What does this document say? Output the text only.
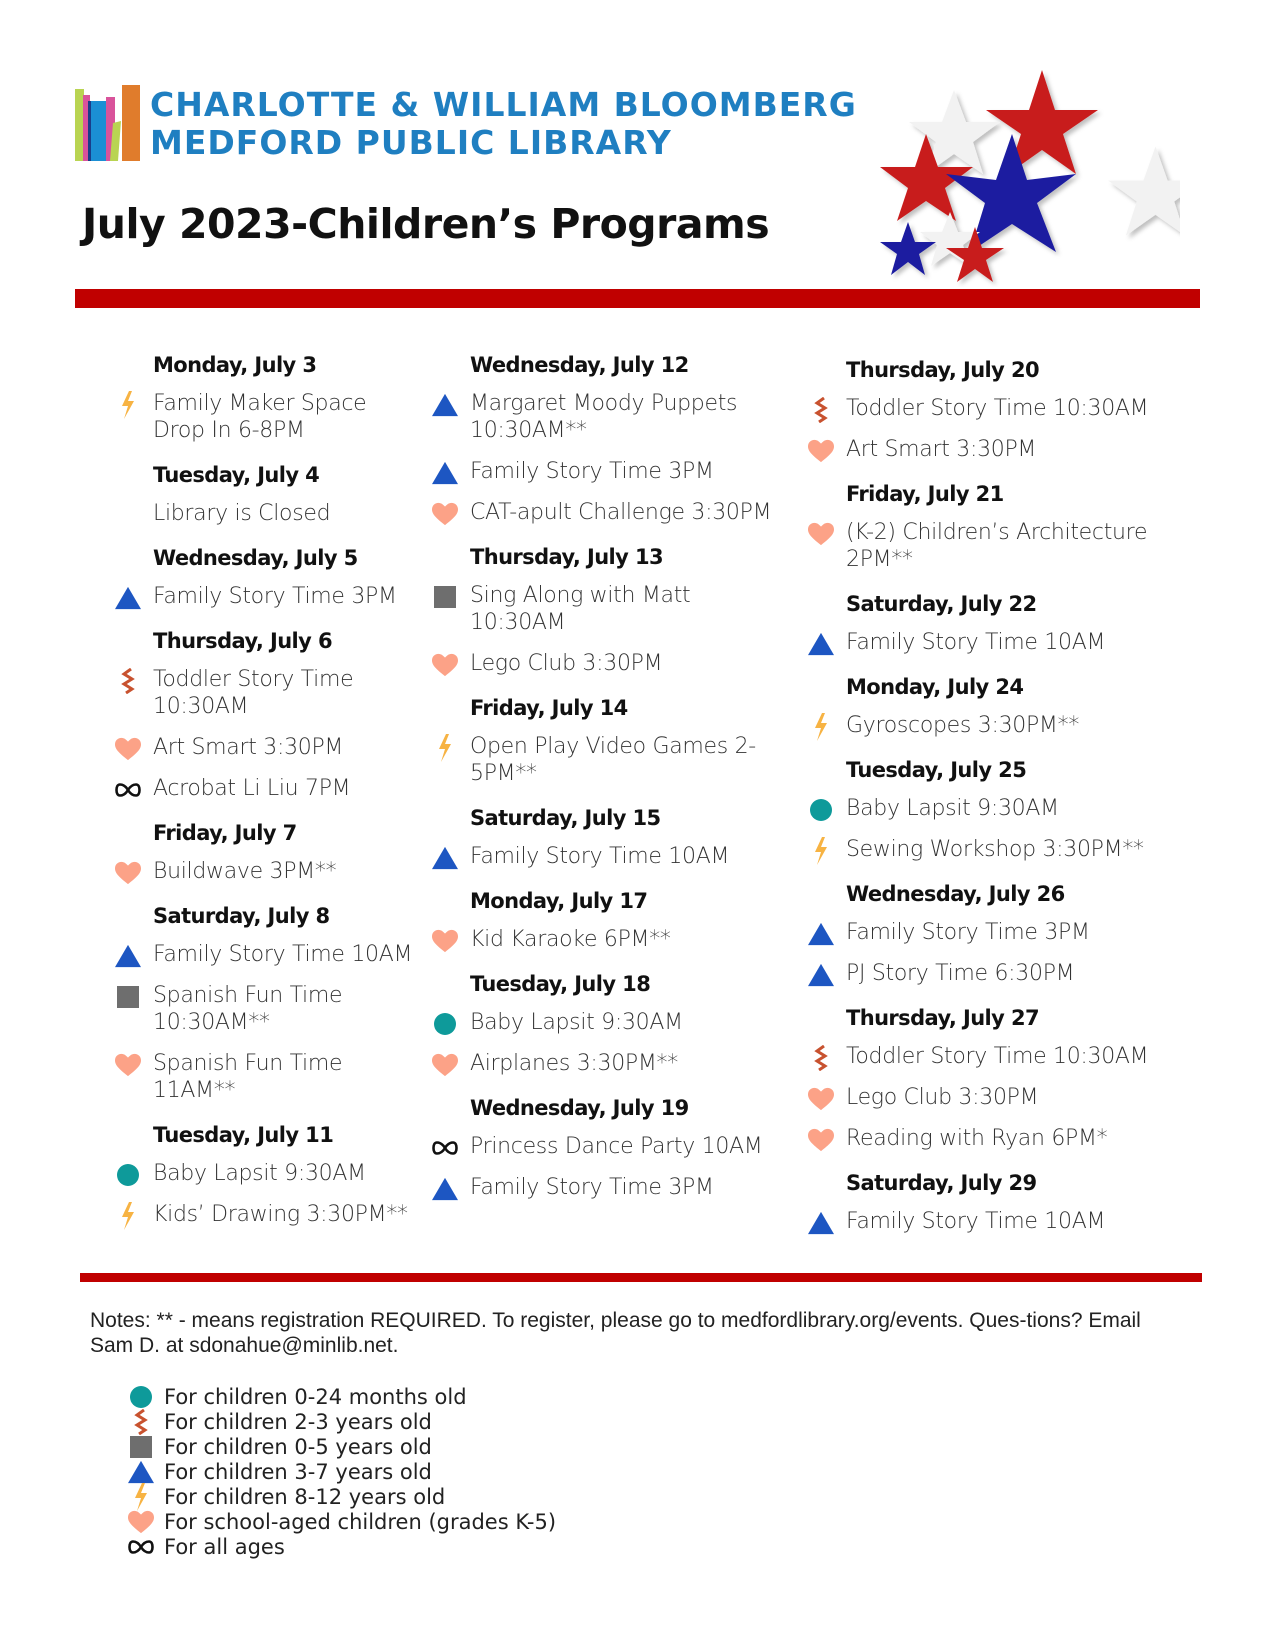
CHARLOTTE & WILLIAM BLOOMBERG
MEDFORD PUBLIC LIBRARY
July 2023-Children’s Programs
Monday, July 3
Family Maker Space Drop In 6-8PM
Tuesday, July 4
Library is Closed
Wednesday, July 5
Family Story Time 3PM
Thursday, July 6
Toddler Story Time 10:30AM
Art Smart 3:30PM
Acrobat Li Liu 7PM
Friday, July 7
Buildwave 3PM**
Saturday, July 8
Family Story Time 10AM
Spanish Fun Time 10:30AM**
Spanish Fun Time 11AM**
Tuesday, July 11
Baby Lapsit 9:30AM
Kids’ Drawing 3:30PM**
Wednesday, July 12
Margaret Moody Puppets 10:30AM**
Family Story Time 3PM
CAT-apult Challenge 3:30PM
Thursday, July 13
Sing Along with Matt 10:30AM
Lego Club 3:30PM
Friday, July 14
Open Play Video Games 2-5PM**
Saturday, July 15
Family Story Time 10AM
Monday, July 17
Kid Karaoke 6PM**
Tuesday, July 18
Baby Lapsit 9:30AM
Airplanes 3:30PM**
Wednesday, July 19
Princess Dance Party 10AM
Family Story Time 3PM
Thursday, July 20
Toddler Story Time 10:30AM
Art Smart 3:30PM
Friday, July 21
(K-2) Children’s Architecture 2PM**
Saturday, July 22
Family Story Time 10AM
Monday, July 24
Gyroscopes 3:30PM**
Tuesday, July 25
Baby Lapsit 9:30AM
Sewing Workshop 3:30PM**
Wednesday, July 26
Family Story Time 3PM
PJ Story Time 6:30PM
Thursday, July 27
Toddler Story Time 10:30AM
Lego Club 3:30PM
Reading with Ryan 6PM*
Saturday, July 29
Family Story Time 10AM
Notes: ** - means registration REQUIRED. To register, please go to medfordlibrary.org/events. Ques-tions? Email Sam D. at sdonahue@minlib.net.
For children 0-24 months old
For children 2-3 years old
For children 0-5 years old
For children 3-7 years old
For children 8-12 years old
For school-aged children (grades K-5)
For all ages
